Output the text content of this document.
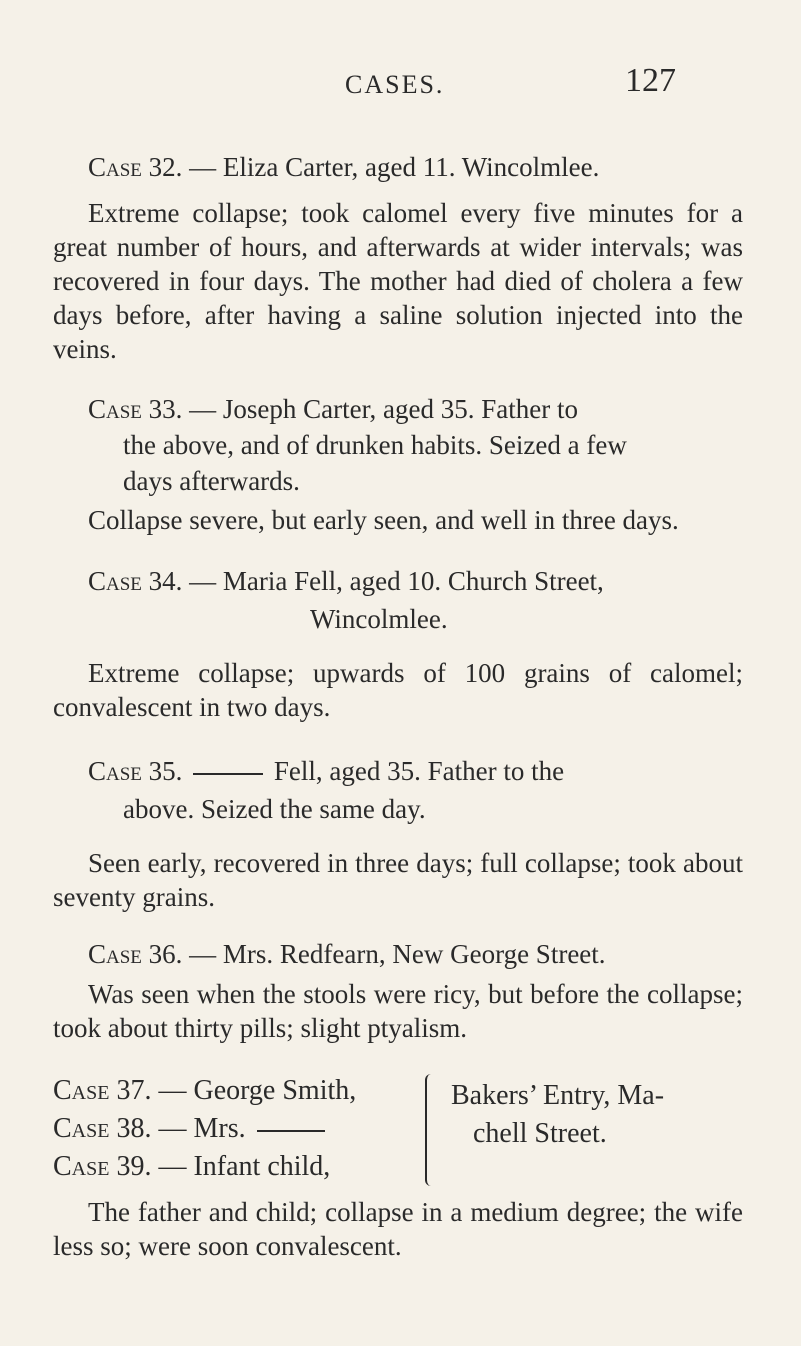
CASES.	127
Case 32. — Eliza Carter, aged 11. Wincolmlee.
Extreme collapse; took calomel every five minutes for a great number of hours, and afterwards at wider intervals; was recovered in four days. The mother had died of cholera a few days before, after having a saline solution injected into the veins.
Case 33. — Joseph Carter, aged 35. Father to
the above, and of drunken habits. Seized a few
days afterwards.
Collapse severe, but early seen, and well in three days.
Case 34. — Maria Fell, aged 10. Church Street,
Wincolmlee.
Extreme collapse; upwards of 100 grains of calomel; convalescent in two days.
Case 35.	Fell, aged 35. Father to the
above. Seized the same day.
Seen early, recovered in three days; full collapse; took about seventy grains.
Case 36. — Mrs. Redfearn, New George Street.
Was seen when the stools were ricy, but before the collapse; took about thirty pills; slight ptyalism.
Case 37. — George Smith,
Case 38. — Mrs.
Case 39. — Infant child,
Bakers’ Entry, Ma-
chell Street.
The father and child; collapse in a medium degree; the wife less so; were soon convalescent.
